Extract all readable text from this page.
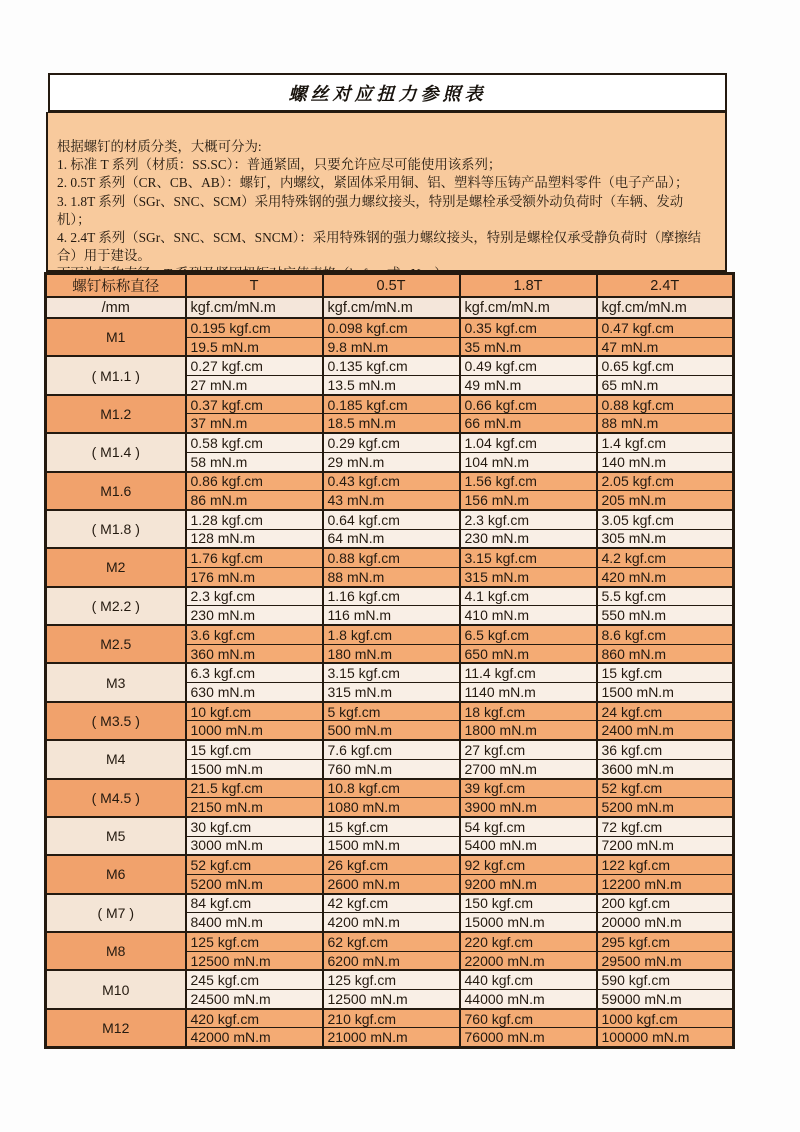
螺丝对应扭力参照表
根据螺钉的材质分类，大概可分为:
1. 标准 T 系列（材质：SS.SC）：普通紧固，只要允许应尽可能使用该系列；
2. 0.5T 系列（CR、CB、AB）：螺钉，内螺纹，紧固体采用铜、铝、塑料等压铸产品塑料零件（电子产品）；
3. 1.8T 系列（SGr、SNC、SCM）采用特殊钢的强力螺纹接头，特别是螺栓承受额外动负荷时（车辆、发动机）；
4. 2.4T 系列（SGr、SNC、SCM、SNCM）：采用特殊钢的强力螺纹接头，特别是螺栓仅承受静负荷时（摩擦结合）用于建设。
下面为标称直径，T 系列及紧固扭矩对应值表格（kgf.cm或mN.m）：
螺钉标称直径	T	0.5T	1.8T	2.4T
/mm	kgf.cm/mN.m	kgf.cm/mN.m	kgf.cm/mN.m	kgf.cm/mN.m
M1	0.195 kgf.cm	0.098 kgf.cm	0.35 kgf.cm	0.47 kgf.cm
	19.5 mN.m	9.8 mN.m	35 mN.m	47 mN.m
( M1.1 )	0.27 kgf.cm	0.135 kgf.cm	0.49 kgf.cm	0.65 kgf.cm
	27 mN.m	13.5 mN.m	49 mN.m	65 mN.m
M1.2	0.37 kgf.cm	0.185 kgf.cm	0.66 kgf.cm	0.88 kgf.cm
	37 mN.m	18.5 mN.m	66 mN.m	88 mN.m
( M1.4 )	0.58 kgf.cm	0.29 kgf.cm	1.04 kgf.cm	1.4 kgf.cm
	58 mN.m	29 mN.m	104 mN.m	140 mN.m
M1.6	0.86 kgf.cm	0.43 kgf.cm	1.56 kgf.cm	2.05 kgf.cm
	86 mN.m	43 mN.m	156 mN.m	205 mN.m
( M1.8 )	1.28 kgf.cm	0.64 kgf.cm	2.3 kgf.cm	3.05 kgf.cm
	128 mN.m	64 mN.m	230 mN.m	305 mN.m
M2	1.76 kgf.cm	0.88 kgf.cm	3.15 kgf.cm	4.2 kgf.cm
	176 mN.m	88 mN.m	315 mN.m	420 mN.m
( M2.2 )	2.3 kgf.cm	1.16 kgf.cm	4.1 kgf.cm	5.5 kgf.cm
	230 mN.m	116 mN.m	410 mN.m	550 mN.m
M2.5	3.6 kgf.cm	1.8 kgf.cm	6.5 kgf.cm	8.6 kgf.cm
	360 mN.m	180 mN.m	650 mN.m	860 mN.m
M3	6.3 kgf.cm	3.15 kgf.cm	11.4 kgf.cm	15 kgf.cm
	630 mN.m	315 mN.m	1140 mN.m	1500 mN.m
( M3.5 )	10 kgf.cm	5 kgf.cm	18 kgf.cm	24 kgf.cm
	1000 mN.m	500 mN.m	1800 mN.m	2400 mN.m
M4	15 kgf.cm	7.6 kgf.cm	27 kgf.cm	36 kgf.cm
	1500 mN.m	760 mN.m	2700 mN.m	3600 mN.m
( M4.5 )	21.5 kgf.cm	10.8 kgf.cm	39 kgf.cm	52 kgf.cm
	2150 mN.m	1080 mN.m	3900 mN.m	5200 mN.m
M5	30 kgf.cm	15 kgf.cm	54 kgf.cm	72 kgf.cm
	3000 mN.m	1500 mN.m	5400 mN.m	7200 mN.m
M6	52 kgf.cm	26 kgf.cm	92 kgf.cm	122 kgf.cm
	5200 mN.m	2600 mN.m	9200 mN.m	12200 mN.m
( M7 )	84 kgf.cm	42 kgf.cm	150 kgf.cm	200 kgf.cm
	8400 mN.m	4200 mN.m	15000 mN.m	20000 mN.m
M8	125 kgf.cm	62 kgf.cm	220 kgf.cm	295 kgf.cm
	12500 mN.m	6200 mN.m	22000 mN.m	29500 mN.m
M10	245 kgf.cm	125 kgf.cm	440 kgf.cm	590 kgf.cm
	24500 mN.m	12500 mN.m	44000 mN.m	59000 mN.m
M12	420 kgf.cm	210 kgf.cm	760 kgf.cm	1000 kgf.cm
	42000 mN.m	21000 mN.m	76000 mN.m	100000 mN.m
